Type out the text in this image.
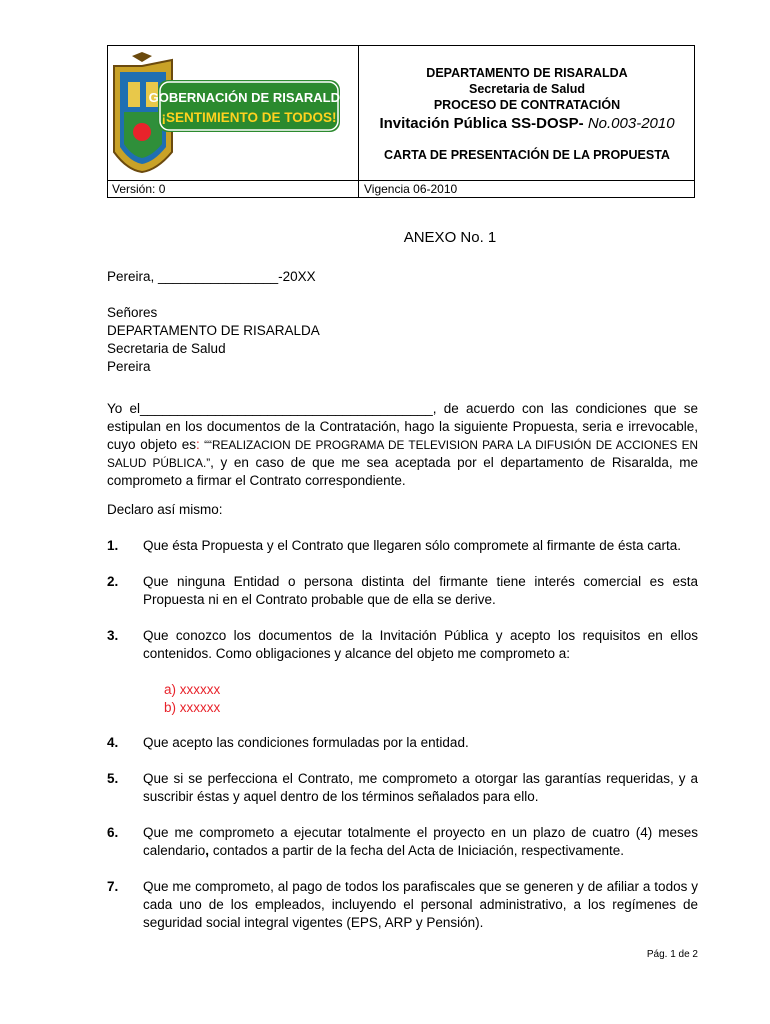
GOBERNACIÓN DE RISARALDA
¡SENTIMIENTO DE TODOS!
DEPARTAMENTO DE RISARALDA
Secretaria de Salud
PROCESO DE CONTRATACIÓN
Invitación Pública SS-DOSP- No.003-2010
CARTA DE PRESENTACIÓN DE LA PROPUESTA
Versión: 0	Vigencia 06-2010
ANEXO No. 1
Pereira, ________________-20XX
Señores
DEPARTAMENTO DE RISARALDA
Secretaria de Salud
Pereira
Yo el_______________________________________, de acuerdo con las condiciones que se estipulan en los documentos de la Contratación, hago la siguiente Propuesta, seria e irrevocable, cuyo objeto es: ““REALIZACION DE PROGRAMA DE TELEVISION PARA LA DIFUSIÓN DE ACCIONES EN SALUD PÚBLICA.”, y en caso de que me sea aceptada por el departamento de Risaralda, me comprometo a firmar el Contrato correspondiente.
Declaro así mismo:
1. Que ésta Propuesta y el Contrato que llegaren sólo compromete al firmante de ésta carta.
2. Que ninguna Entidad o persona distinta del firmante tiene interés comercial es esta Propuesta ni en el Contrato probable que de ella se derive.
3. Que conozco los documentos de la Invitación Pública y acepto los requisitos en ellos contenidos. Como obligaciones y alcance del objeto me comprometo a:
a) xxxxxx
b) xxxxxx
4. Que acepto las condiciones formuladas por la entidad.
5. Que si se perfecciona el Contrato, me comprometo a otorgar las garantías requeridas, y a suscribir éstas y aquel dentro de los términos señalados para ello.
6. Que me comprometo a ejecutar totalmente el proyecto en un plazo de cuatro (4) meses calendario, contados a partir de la fecha del Acta de Iniciación, respectivamente.
7. Que me comprometo, al pago de todos los parafiscales que se generen y de afiliar a todos y cada uno de los empleados, incluyendo el personal administrativo, a los regímenes de seguridad social integral vigentes (EPS, ARP y Pensión).
Pág. 1 de 2
